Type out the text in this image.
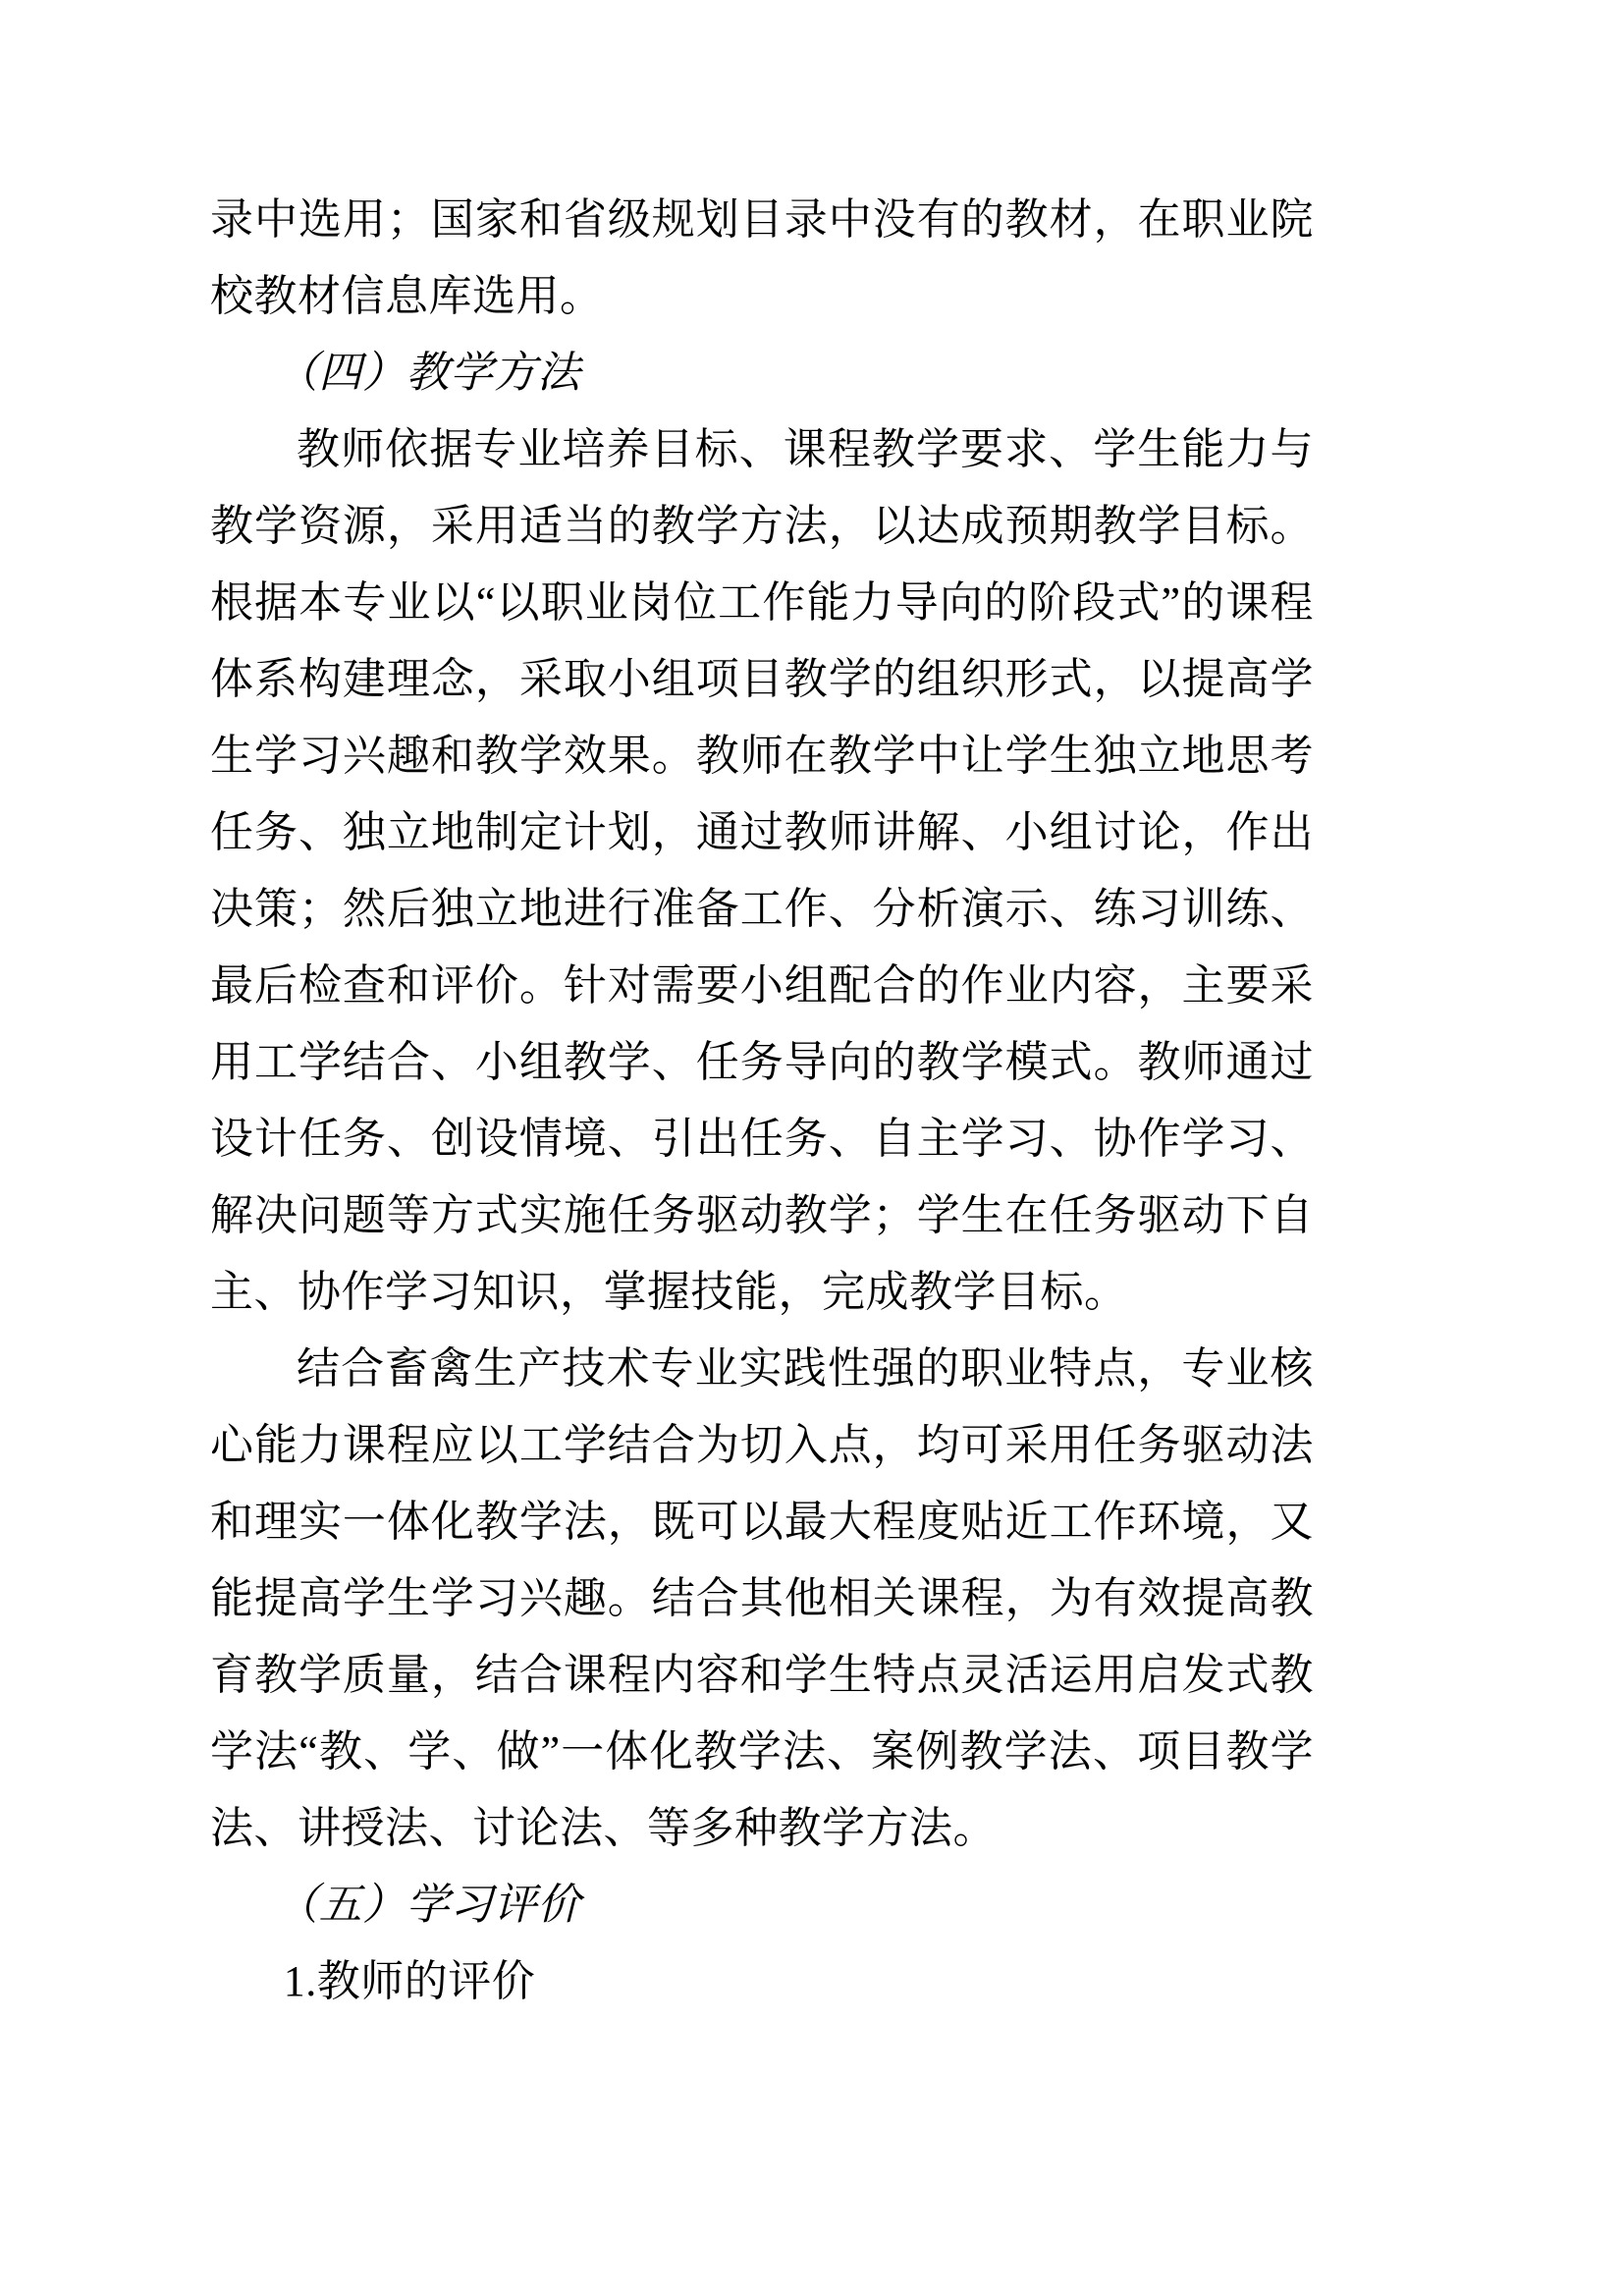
录中选用；国家和省级规划目录中没有的教材，在职业院校教材信息库选用。

（四）教学方法

教师依据专业培养目标、课程教学要求、学生能力与教学资源，采用适当的教学方法，以达成预期教学目标。根据本专业以“以职业岗位工作能力导向的阶段式”的课程体系构建理念，采取小组项目教学的组织形式，以提高学生学习兴趣和教学效果。教师在教学中让学生独立地思考任务、独立地制定计划，通过教师讲解、小组讨论，作出决策；然后独立地进行准备工作、分析演示、练习训练、最后检查和评价。针对需要小组配合的作业内容，主要采用工学结合、小组教学、任务导向的教学模式。教师通过设计任务、创设情境、引出任务、自主学习、协作学习、解决问题等方式实施任务驱动教学；学生在任务驱动下自主、协作学习知识，掌握技能，完成教学目标。

结合畜禽生产技术专业实践性强的职业特点，专业核心能力课程应以工学结合为切入点，均可采用任务驱动法和理实一体化教学法，既可以最大程度贴近工作环境，又能提高学生学习兴趣。结合其他相关课程，为有效提高教育教学质量，结合课程内容和学生特点灵活运用启发式教学法“教、学、做”一体化教学法、案例教学法、项目教学法、讲授法、讨论法、等多种教学方法。

（五）学习评价

1.教师的评价
